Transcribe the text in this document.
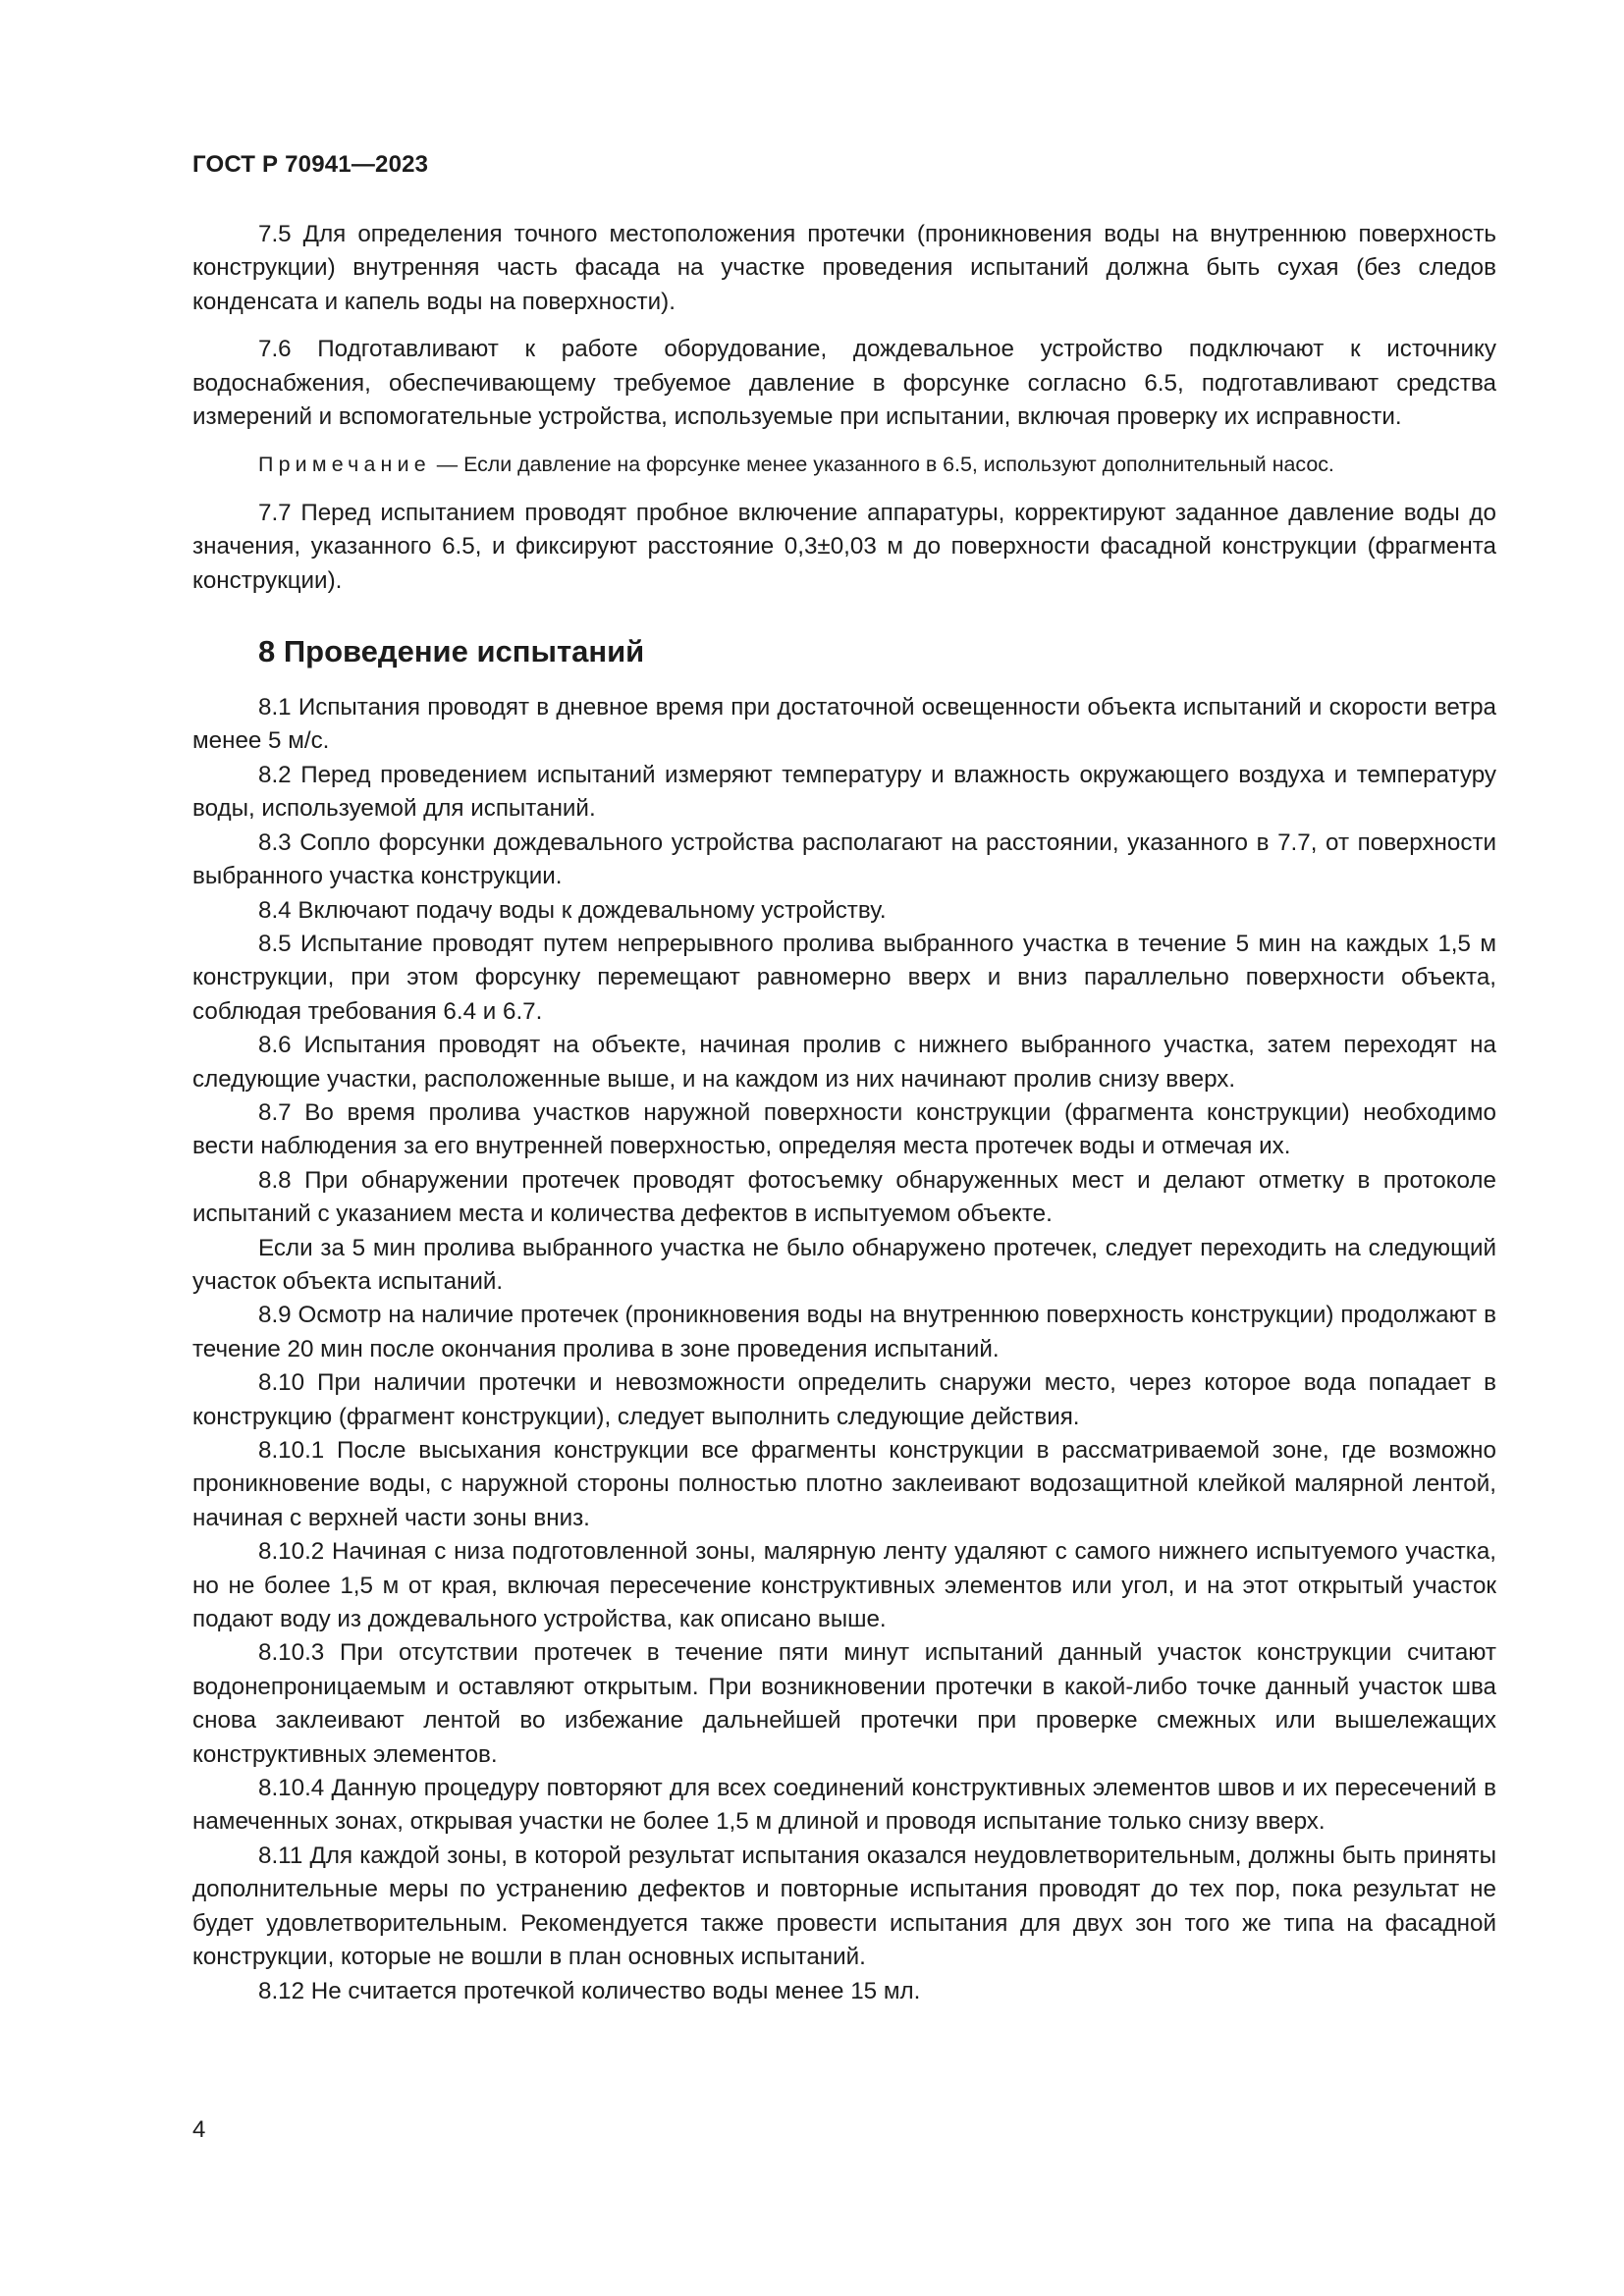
ГОСТ Р 70941—2023

7.5 Для определения точного местоположения протечки (проникновения воды на внутреннюю поверхность конструкции) внутренняя часть фасада на участке проведения испытаний должна быть сухая (без следов конденсата и капель воды на поверхности).

7.6 Подготавливают к работе оборудование, дождевальное устройство подключают к источнику водоснабжения, обеспечивающему требуемое давление в форсунке согласно 6.5, подготавливают средства измерений и вспомогательные устройства, используемые при испытании, включая проверку их исправности.

Примечание — Если давление на форсунке менее указанного в 6.5, используют дополнительный насос.

7.7 Перед испытанием проводят пробное включение аппаратуры, корректируют заданное давление воды до значения, указанного 6.5, и фиксируют расстояние 0,3±0,03 м до поверхности фасадной конструкции (фрагмента конструкции).

8 Проведение испытаний

8.1 Испытания проводят в дневное время при достаточной освещенности объекта испытаний и скорости ветра менее 5 м/с.

8.2 Перед проведением испытаний измеряют температуру и влажность окружающего воздуха и температуру воды, используемой для испытаний.

8.3 Сопло форсунки дождевального устройства располагают на расстоянии, указанного в 7.7, от поверхности выбранного участка конструкции.

8.4 Включают подачу воды к дождевальному устройству.

8.5 Испытание проводят путем непрерывного пролива выбранного участка в течение 5 мин на каждых 1,5 м конструкции, при этом форсунку перемещают равномерно вверх и вниз параллельно поверхности объекта, соблюдая требования 6.4 и 6.7.

8.6 Испытания проводят на объекте, начиная пролив с нижнего выбранного участка, затем переходят на следующие участки, расположенные выше, и на каждом из них начинают пролив снизу вверх.

8.7 Во время пролива участков наружной поверхности конструкции (фрагмента конструкции) необходимо вести наблюдения за его внутренней поверхностью, определяя места протечек воды и отмечая их.

8.8 При обнаружении протечек проводят фотосъемку обнаруженных мест и делают отметку в протоколе испытаний с указанием места и количества дефектов в испытуемом объекте.

Если за 5 мин пролива выбранного участка не было обнаружено протечек, следует переходить на следующий участок объекта испытаний.

8.9 Осмотр на наличие протечек (проникновения воды на внутреннюю поверхность конструкции) продолжают в течение 20 мин после окончания пролива в зоне проведения испытаний.

8.10 При наличии протечки и невозможности определить снаружи место, через которое вода попадает в конструкцию (фрагмент конструкции), следует выполнить следующие действия.

8.10.1 После высыхания конструкции все фрагменты конструкции в рассматриваемой зоне, где возможно проникновение воды, с наружной стороны полностью плотно заклеивают водозащитной клейкой малярной лентой, начиная с верхней части зоны вниз.

8.10.2 Начиная с низа подготовленной зоны, малярную ленту удаляют с самого нижнего испытуемого участка, но не более 1,5 м от края, включая пересечение конструктивных элементов или угол, и на этот открытый участок подают воду из дождевального устройства, как описано выше.

8.10.3 При отсутствии протечек в течение пяти минут испытаний данный участок конструкции считают водонепроницаемым и оставляют открытым. При возникновении протечки в какой-либо точке данный участок шва снова заклеивают лентой во избежание дальнейшей протечки при проверке смежных или вышележащих конструктивных элементов.

8.10.4 Данную процедуру повторяют для всех соединений конструктивных элементов швов и их пересечений в намеченных зонах, открывая участки не более 1,5 м длиной и проводя испытание только снизу вверх.

8.11 Для каждой зоны, в которой результат испытания оказался неудовлетворительным, должны быть приняты дополнительные меры по устранению дефектов и повторные испытания проводят до тех пор, пока результат не будет удовлетворительным. Рекомендуется также провести испытания для двух зон того же типа на фасадной конструкции, которые не вошли в план основных испытаний.

8.12 Не считается протечкой количество воды менее 15 мл.

4
